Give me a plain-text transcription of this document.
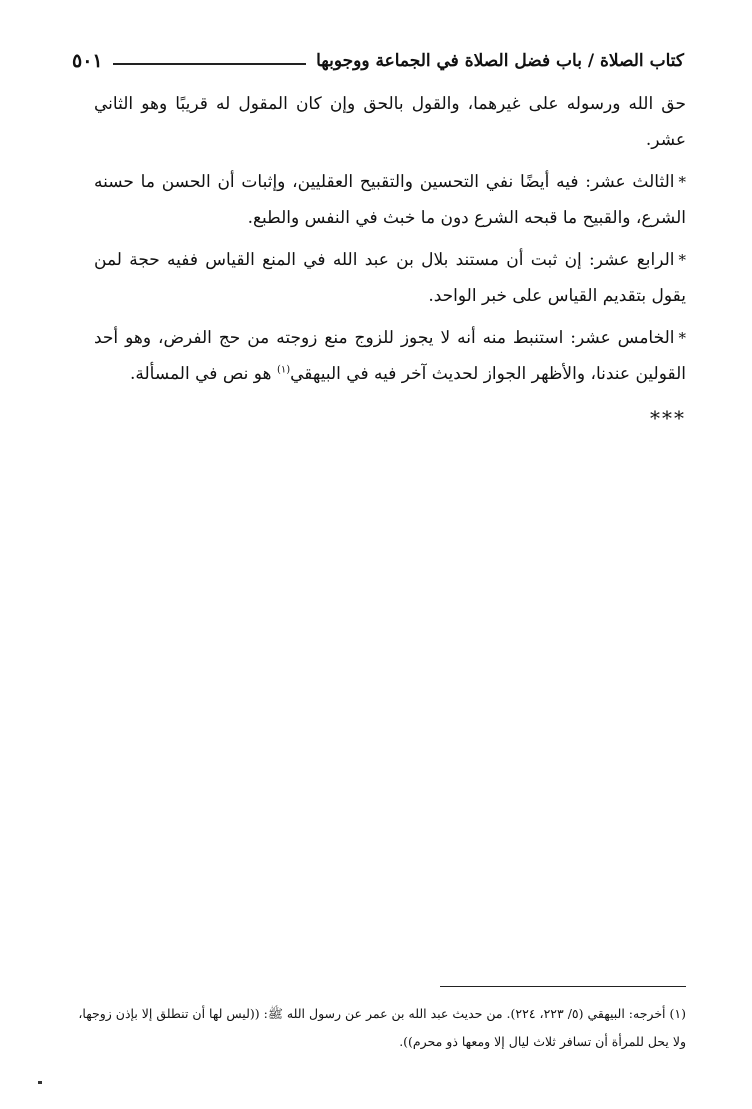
كتاب الصلاة / باب فضل الصلاة في الجماعة ووجوبها
٥٠١

حق الله ورسوله على غيرهما، والقول بالحق وإن كان المقول له قريبًا وهو الثاني عشر.

*الثالث عشر: فيه أيضًا نفي التحسين والتقبيح العقليين، وإثبات أن الحسن ما حسنه الشرع، والقبيح ما قبحه الشرع دون ما خبث في النفس والطبع.

*الرابع عشر: إن ثبت أن مستند بلال بن عبد الله في المنع القياس ففيه حجة لمن يقول بتقديم القياس على خبر الواحد.

*الخامس عشر: استنبط منه أنه لا يجوز للزوج منع زوجته من حج الفرض، وهو أحد القولين عندنا، والأظهر الجواز لحديث آخر فيه في البيهقي$^{(١)}$ هو نص في المسألة.

***
(١) أخرجه: البيهقي (٥/ ٢٢٣، ٢٢٤). من حديث عبد الله بن عمر عن رسول الله ﷺ: ((ليس لها أن تنطلق إلا بإذن زوجها،
ولا يحل للمرأة أن تسافر ثلاث ليال إلا ومعها ذو محرم)).
